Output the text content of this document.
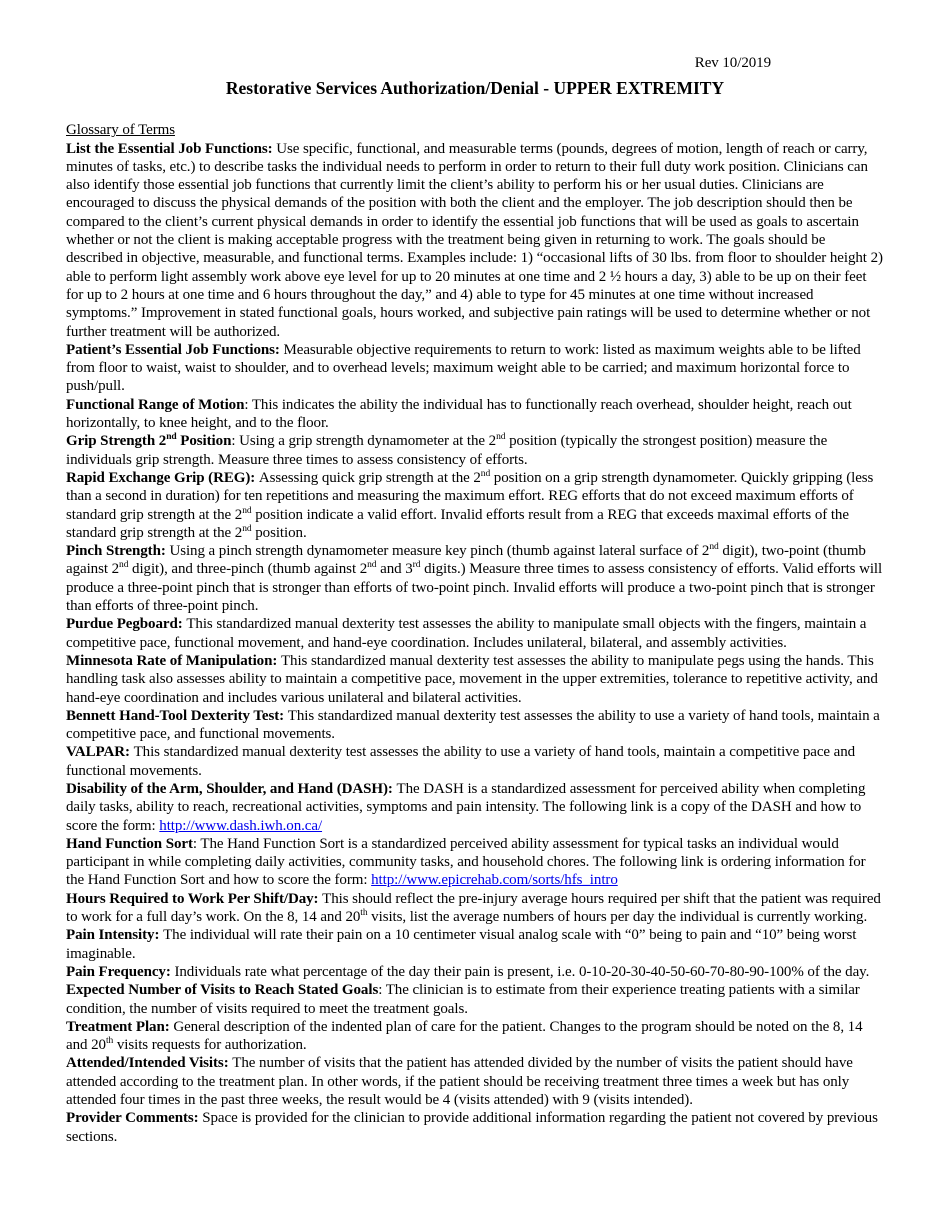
Rev 10/2019
Restorative Services Authorization/Denial - UPPER EXTREMITY
Glossary of Terms

List the Essential Job Functions: Use specific, functional, and measurable terms (pounds, degrees of motion, length of reach or carry, minutes of tasks, etc.) to describe tasks the individual needs to perform in order to return to their full duty work position. Clinicians can also identify those essential job functions that currently limit the client’s ability to perform his or her usual duties. Clinicians are encouraged to discuss the physical demands of the position with both the client and the employer. The job description should then be compared to the client’s current physical demands in order to identify the essential job functions that will be used as goals to ascertain whether or not the client is making acceptable progress with the treatment being given in returning to work. The goals should be described in objective, measurable, and functional terms. Examples include: 1) “occasional lifts of 30 lbs. from floor to shoulder height 2) able to perform light assembly work above eye level for up to 20 minutes at one time and 2 ½ hours a day, 3) able to be up on their feet for up to 2 hours at one time and 6 hours throughout the day,” and 4) able to type for 45 minutes at one time without increased symptoms.” Improvement in stated functional goals, hours worked, and subjective pain ratings will be used to determine whether or not further treatment will be authorized.

Patient’s Essential Job Functions: Measurable objective requirements to return to work: listed as maximum weights able to be lifted from floor to waist, waist to shoulder, and to overhead levels; maximum weight able to be carried; and maximum horizontal force to push/pull.

Functional Range of Motion: This indicates the ability the individual has to functionally reach overhead, shoulder height, reach out horizontally, to knee height, and to the floor.

Grip Strength 2nd Position: Using a grip strength dynamometer at the 2nd position (typically the strongest position) measure the individuals grip strength. Measure three times to assess consistency of efforts.

Rapid Exchange Grip (REG): Assessing quick grip strength at the 2nd position on a grip strength dynamometer. Quickly gripping (less than a second in duration) for ten repetitions and measuring the maximum effort. REG efforts that do not exceed maximum efforts of standard grip strength at the 2nd position indicate a valid effort. Invalid efforts result from a REG that exceeds maximal efforts of the standard grip strength at the 2nd position.

Pinch Strength: Using a pinch strength dynamometer measure key pinch (thumb against lateral surface of 2nd digit), two-point (thumb against 2nd digit), and three-pinch (thumb against 2nd and 3rd digits.) Measure three times to assess consistency of efforts. Valid efforts will produce a three-point pinch that is stronger than efforts of two-point pinch. Invalid efforts will produce a two-point pinch that is stronger than efforts of three-point pinch.

Purdue Pegboard: This standardized manual dexterity test assesses the ability to manipulate small objects with the fingers, maintain a competitive pace, functional movement, and hand-eye coordination. Includes unilateral, bilateral, and assembly activities.

Minnesota Rate of Manipulation: This standardized manual dexterity test assesses the ability to manipulate pegs using the hands. This handling task also assesses ability to maintain a competitive pace, movement in the upper extremities, tolerance to repetitive activity, and hand-eye coordination and includes various unilateral and bilateral activities.

Bennett Hand-Tool Dexterity Test: This standardized manual dexterity test assesses the ability to use a variety of hand tools, maintain a competitive pace, and functional movements.

VALPAR: This standardized manual dexterity test assesses the ability to use a variety of hand tools, maintain a competitive pace and functional movements.

Disability of the Arm, Shoulder, and Hand (DASH): The DASH is a standardized assessment for perceived ability when completing daily tasks, ability to reach, recreational activities, symptoms and pain intensity. The following link is a copy of the DASH and how to score the form: http://www.dash.iwh.on.ca/

Hand Function Sort: The Hand Function Sort is a standardized perceived ability assessment for typical tasks an individual would participant in while completing daily activities, community tasks, and household chores. The following link is ordering information for the Hand Function Sort and how to score the form: http://www.epicrehab.com/sorts/hfs_intro

Hours Required to Work Per Shift/Day: This should reflect the pre-injury average hours required per shift that the patient was required to work for a full day’s work. On the 8, 14 and 20th visits, list the average numbers of hours per day the individual is currently working.

Pain Intensity: The individual will rate their pain on a 10 centimeter visual analog scale with “0” being to pain and “10” being worst imaginable.

Pain Frequency: Individuals rate what percentage of the day their pain is present, i.e. 0-10-20-30-40-50-60-70-80-90-100% of the day.

Expected Number of Visits to Reach Stated Goals: The clinician is to estimate from their experience treating patients with a similar condition, the number of visits required to meet the treatment goals.

Treatment Plan: General description of the indented plan of care for the patient. Changes to the program should be noted on the 8, 14 and 20th visits requests for authorization.

Attended/Intended Visits: The number of visits that the patient has attended divided by the number of visits the patient should have attended according to the treatment plan. In other words, if the patient should be receiving treatment three times a week but has only attended four times in the past three weeks, the result would be 4 (visits attended) with 9 (visits intended).

Provider Comments: Space is provided for the clinician to provide additional information regarding the patient not covered by previous sections.
